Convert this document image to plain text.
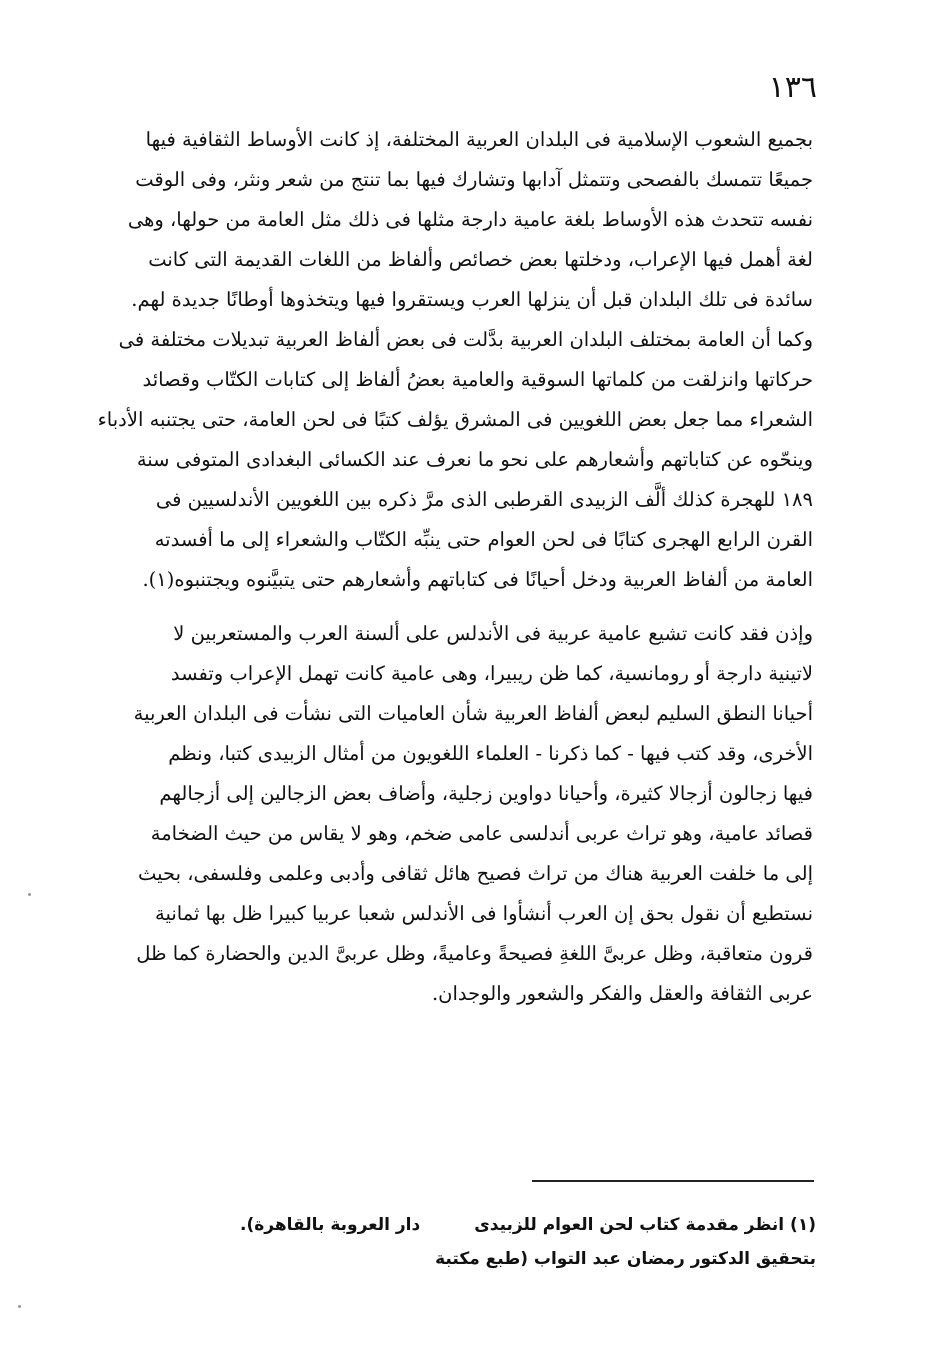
١٣٦
بجميع الشعوب الإسلامية فى البلدان العربية المختلفة، إذ كانت الأوساط الثقافية فيها
جميعًا تتمسك بالفصحى وتتمثل آدابها وتشارك فيها بما تنتج من شعر ونثر، وفى الوقت
نفسه تتحدث هذه الأوساط بلغة عامية دارجة مثلها فى ذلك مثل العامة من حولها، وهى
لغة أهمل فيها الإعراب، ودخلتها بعض خصائص وألفاظ من اللغات القديمة التى كانت
سائدة فى تلك البلدان قبل أن ينزلها العرب ويستقروا فيها ويتخذوها أوطانًا جديدة لهم.
وكما أن العامة بمختلف البلدان العربية بدَّلت فى بعض ألفاظ العربية تبديلات مختلفة فى
حركاتها وانزلقت من كلماتها السوقية والعامية بعضُ ألفاظ إلى كتابات الكتّاب وقصائد
الشعراء مما جعل بعض اللغويين فى المشرق يؤلف كتبًا فى لحن العامة، حتى يجتنبه الأدباء
وينحّوه عن كتاباتهم وأشعارهم على نحو ما نعرف عند الكسائى البغدادى المتوفى سنة
١٨٩ للهجرة كذلك ألَّف الزبيدى القرطبى الذى مرَّ ذكره بين اللغويين الأندلسيين فى
القرن الرابع الهجرى كتابًا فى لحن العوام حتى ينبِّه الكتّاب والشعراء إلى ما أفسدته
العامة من ألفاظ العربية ودخل أحيانًا فى كتاباتهم وأشعارهم حتى يتبيَّنوه ويجتنبوه(١).
وإذن فقد كانت تشيع عامية عربية فى الأندلس على ألسنة العرب والمستعربين لا
لاتينية دارجة أو رومانسية، كما ظن ريبيرا، وهى عامية كانت تهمل الإعراب وتفسد
أحيانا النطق السليم لبعض ألفاظ العربية شأن العاميات التى نشأت فى البلدان العربية
الأخرى، وقد كتب فيها - كما ذكرنا - العلماء اللغويون من أمثال الزبيدى كتبا، ونظم
فيها زجالون أزجالا كثيرة، وأحيانا دواوين زجلية، وأضاف بعض الزجالين إلى أزجالهم
قصائد عامية، وهو تراث عربى أندلسى عامى ضخم، وهو لا يقاس من حيث الضخامة
إلى ما خلفت العربية هناك من تراث فصيح هائل ثقافى وأدبى وعلمى وفلسفى، بحيث
نستطيع أن نقول بحق إن العرب أنشأوا فى الأندلس شعبا عربيا كبيرا ظل بها ثمانية
قرون متعاقبة، وظل عربىَّ اللغةِ فصيحةً وعاميةً، وظل عربىَّ الدين والحضارة كما ظل
عربى الثقافة والعقل والفكر والشعور والوجدان.
(١) انظر مقدمة كتاب لحن العوام للزبيدى
دار العروبة بالقاهرة).
بتحقيق الدكتور رمضان عبد التواب (طبع مكتبة
